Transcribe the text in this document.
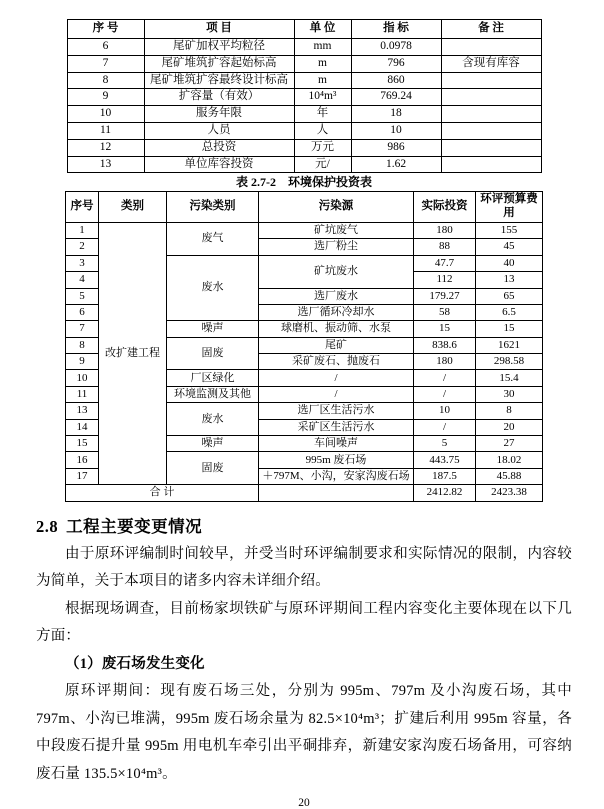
序 号	项 目	单 位	指 标	备 注
6	尾矿加权平均粒径	mm	0.0978	
7	尾矿堆筑扩容起始标高	m	796	含现有库容
8	尾矿堆筑扩容最终设计标高	m	860	
9	扩容量（有效）	10⁴m³	769.24	
10	服务年限	年	18	
11	人员	人	10	
12	总投资	万元	986	
13	单位库容投资	元/	1.62	
表 2.7-2　环境保护投资表
序号	类别	污染类别	污染源	实际投资	环评预算费用
1	改扩建工程	废气	矿坑废气	180	155
2			选厂粉尘	88	45
3		废水	矿坑废水	47.7	40
4				112	13
5			选厂废水	179.27	65
6			选厂循环冷却水	58	6.5
7		噪声	球磨机、振动筛、水泵	15	15
8		固废	尾矿	838.6	1621
9			采矿废石、抛废石	180	298.58
10		厂区绿化	/	/	15.4
11		环境监测及其他	/	/	30
13		废水	选厂区生活污水	10	8
14			采矿区生活污水	/	20
15		噪声	车间噪声	5	27
16		固废	995m 废石场	443.75	18.02
17			＋797M、小沟，安家沟废石场	187.5	45.88
合 计				2412.82	2423.38
2.8 工程主要变更情况

由于原环评编制时间较早，并受当时环评编制要求和实际情况的限制，内容较为简单，关于本项目的诸多内容未详细介绍。

根据现场调查，目前杨家坝铁矿与原环评期间工程内容变化主要体现在以下几方面：

（1）废石场发生变化

原环评期间：现有废石场三处，分别为 995m、797m 及小沟废石场，其中 797m、小沟已堆满，995m 废石场余量为 82.5×10⁴m³；扩建后利用 995m 容量，各中段废石提升量 995m 用电机车牵引出平硐排弃，新建安家沟废石场备用，可容纳废石量 135.5×10⁴m³。

20
